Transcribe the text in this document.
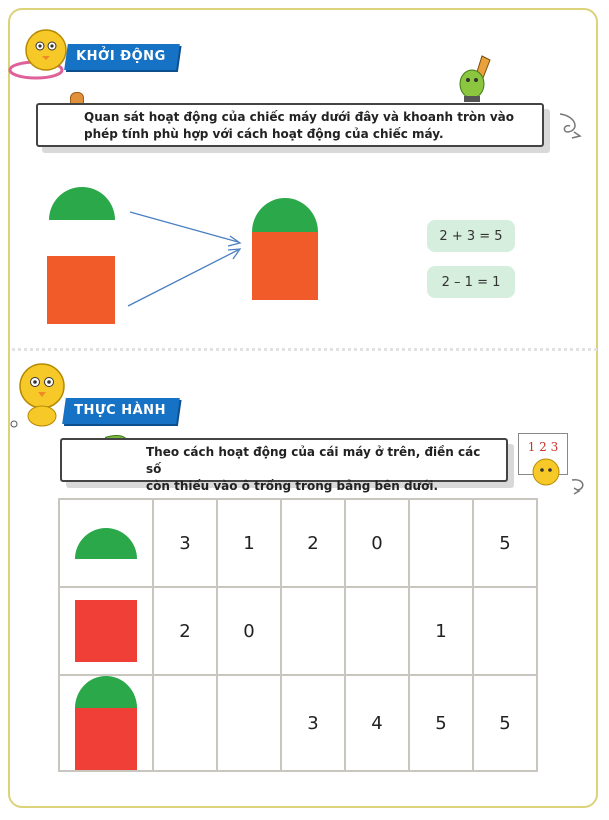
KHỞI ĐỘNG
Quan sát hoạt động của chiếc máy dưới đây và khoanh tròn vào
phép tính phù hợp với cách hoạt động của chiếc máy.
2 + 3 = 5
2 – 1 = 1
THỰC HÀNH
Theo cách hoạt động của cái máy ở trên, điền các số
còn thiếu vào ô trống trong bảng bên dưới.
1 2 3
	3	1	2	0		5

	2	0			1	

			3	4	5	5
